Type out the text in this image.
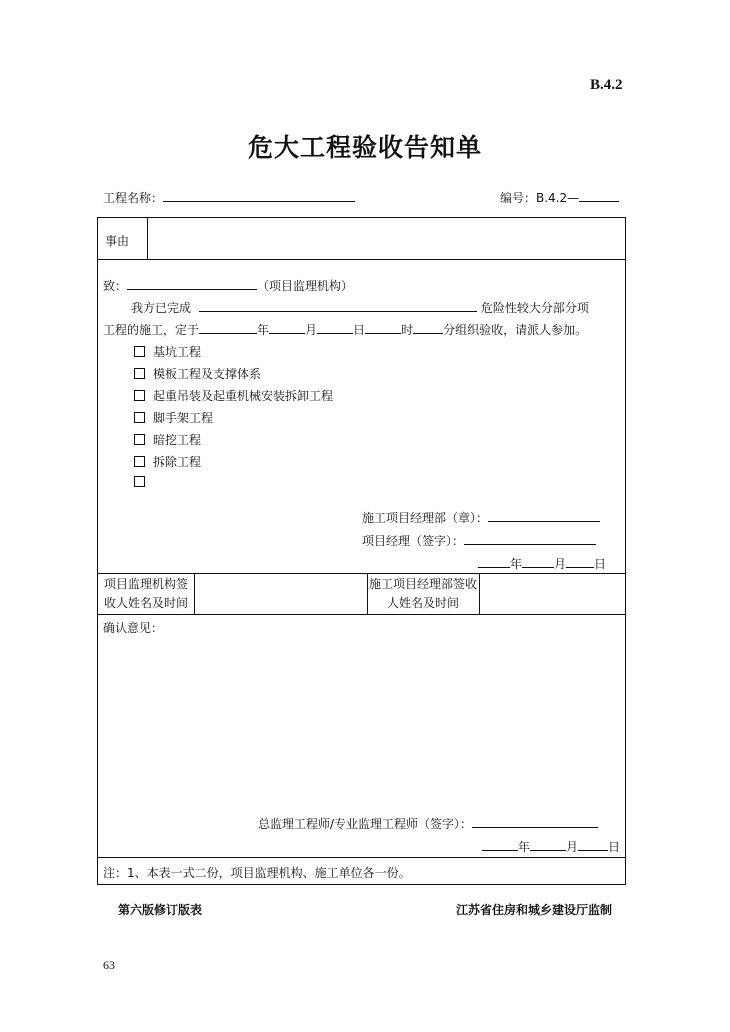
B.4.2
危大工程验收告知单
工程名称：	编号：B.4.2—
事由
致：	（项目监理机构）
我方已完成	危险性较大分部分项
工程的施工，定于	年	月	日	时	分组织验收，请派人参加。
基坑工程
模板工程及支撑体系
起重吊装及起重机械安装拆卸工程
脚手架工程
暗挖工程
拆除工程
施工项目经理部（章）：
项目经理（签字）：
年	月 日
项目监理机构签收人姓名及时间
施工项目经理部签收人姓名及时间
确认意见：
总监理工程师/专业监理工程师（签字）：
年	月	日
注：1、本表一式二份，项目监理机构、施工单位各一份。
第六版修订版表	江苏省住房和城乡建设厅监制
63
